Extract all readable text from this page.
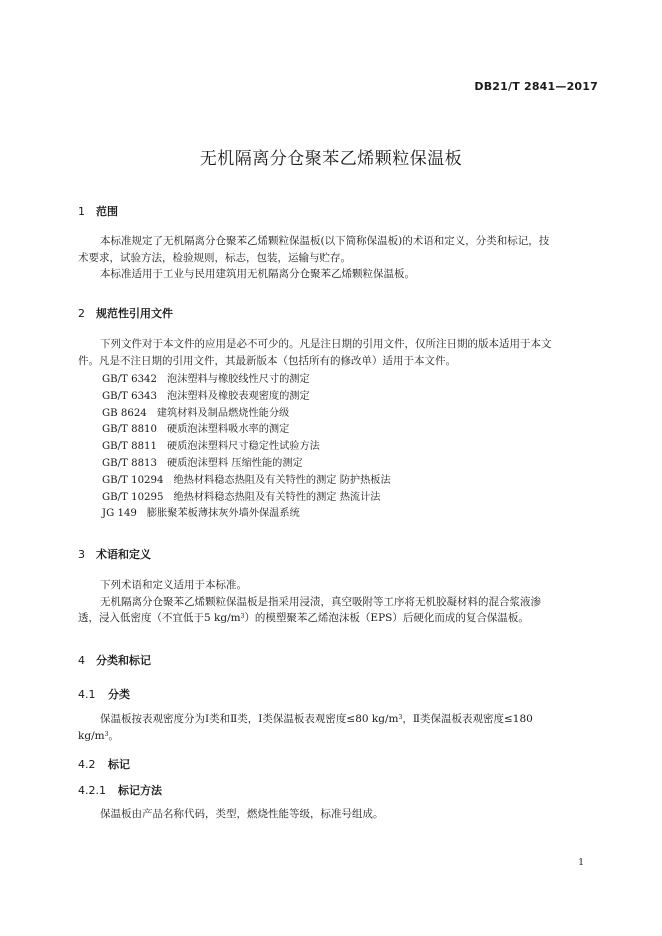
DB21/T 2841—2017
无机隔离分仓聚苯乙烯颗粒保温板
1 范围
本标准规定了无机隔离分仓聚苯乙烯颗粒保温板(以下简称保温板)的术语和定义，分类和标记，技
术要求，试验方法，检验规则，标志，包装，运输与贮存。
本标准适用于工业与民用建筑用无机隔离分仓聚苯乙烯颗粒保温板。
2 规范性引用文件
下列文件对于本文件的应用是必不可少的。凡是注日期的引用文件，仅所注日期的版本适用于本文
件。凡是不注日期的引用文件，其最新版本（包括所有的修改单）适用于本文件。
GB/T 6342 泡沫塑料与橡胶线性尺寸的测定
GB/T 6343 泡沫塑料及橡胶表观密度的测定
GB 8624 建筑材料及制品燃烧性能分级
GB/T 8810 硬质泡沫塑料吸水率的测定
GB/T 8811 硬质泡沫塑料尺寸稳定性试验方法
GB/T 8813 硬质泡沫塑料 压缩性能的测定
GB/T 10294 绝热材料稳态热阻及有关特性的测定 防护热板法
GB/T 10295 绝热材料稳态热阻及有关特性的测定 热流计法
JG 149 膨胀聚苯板薄抹灰外墙外保温系统
3 术语和定义
下列术语和定义适用于本标准。
无机隔离分仓聚苯乙烯颗粒保温板是指采用浸渍，真空吸附等工序将无机胶凝材料的混合浆液渗
透，浸入低密度（不宜低于5 $kg/m^3$）的模塑聚苯乙烯泡沫板（EPS）后硬化而成的复合保温板。
4 分类和标记
4.1 分类
保温板按表观密度分为Ⅰ类和Ⅱ类，Ⅰ类保温板表观密度≤80 $kg/m^3$，Ⅱ类保温板表观密度≤180
$kg/m^3$。
4.2 标记
4.2.1 标记方法
保温板由产品名称代码，类型，燃烧性能等级，标准号组成。
1
